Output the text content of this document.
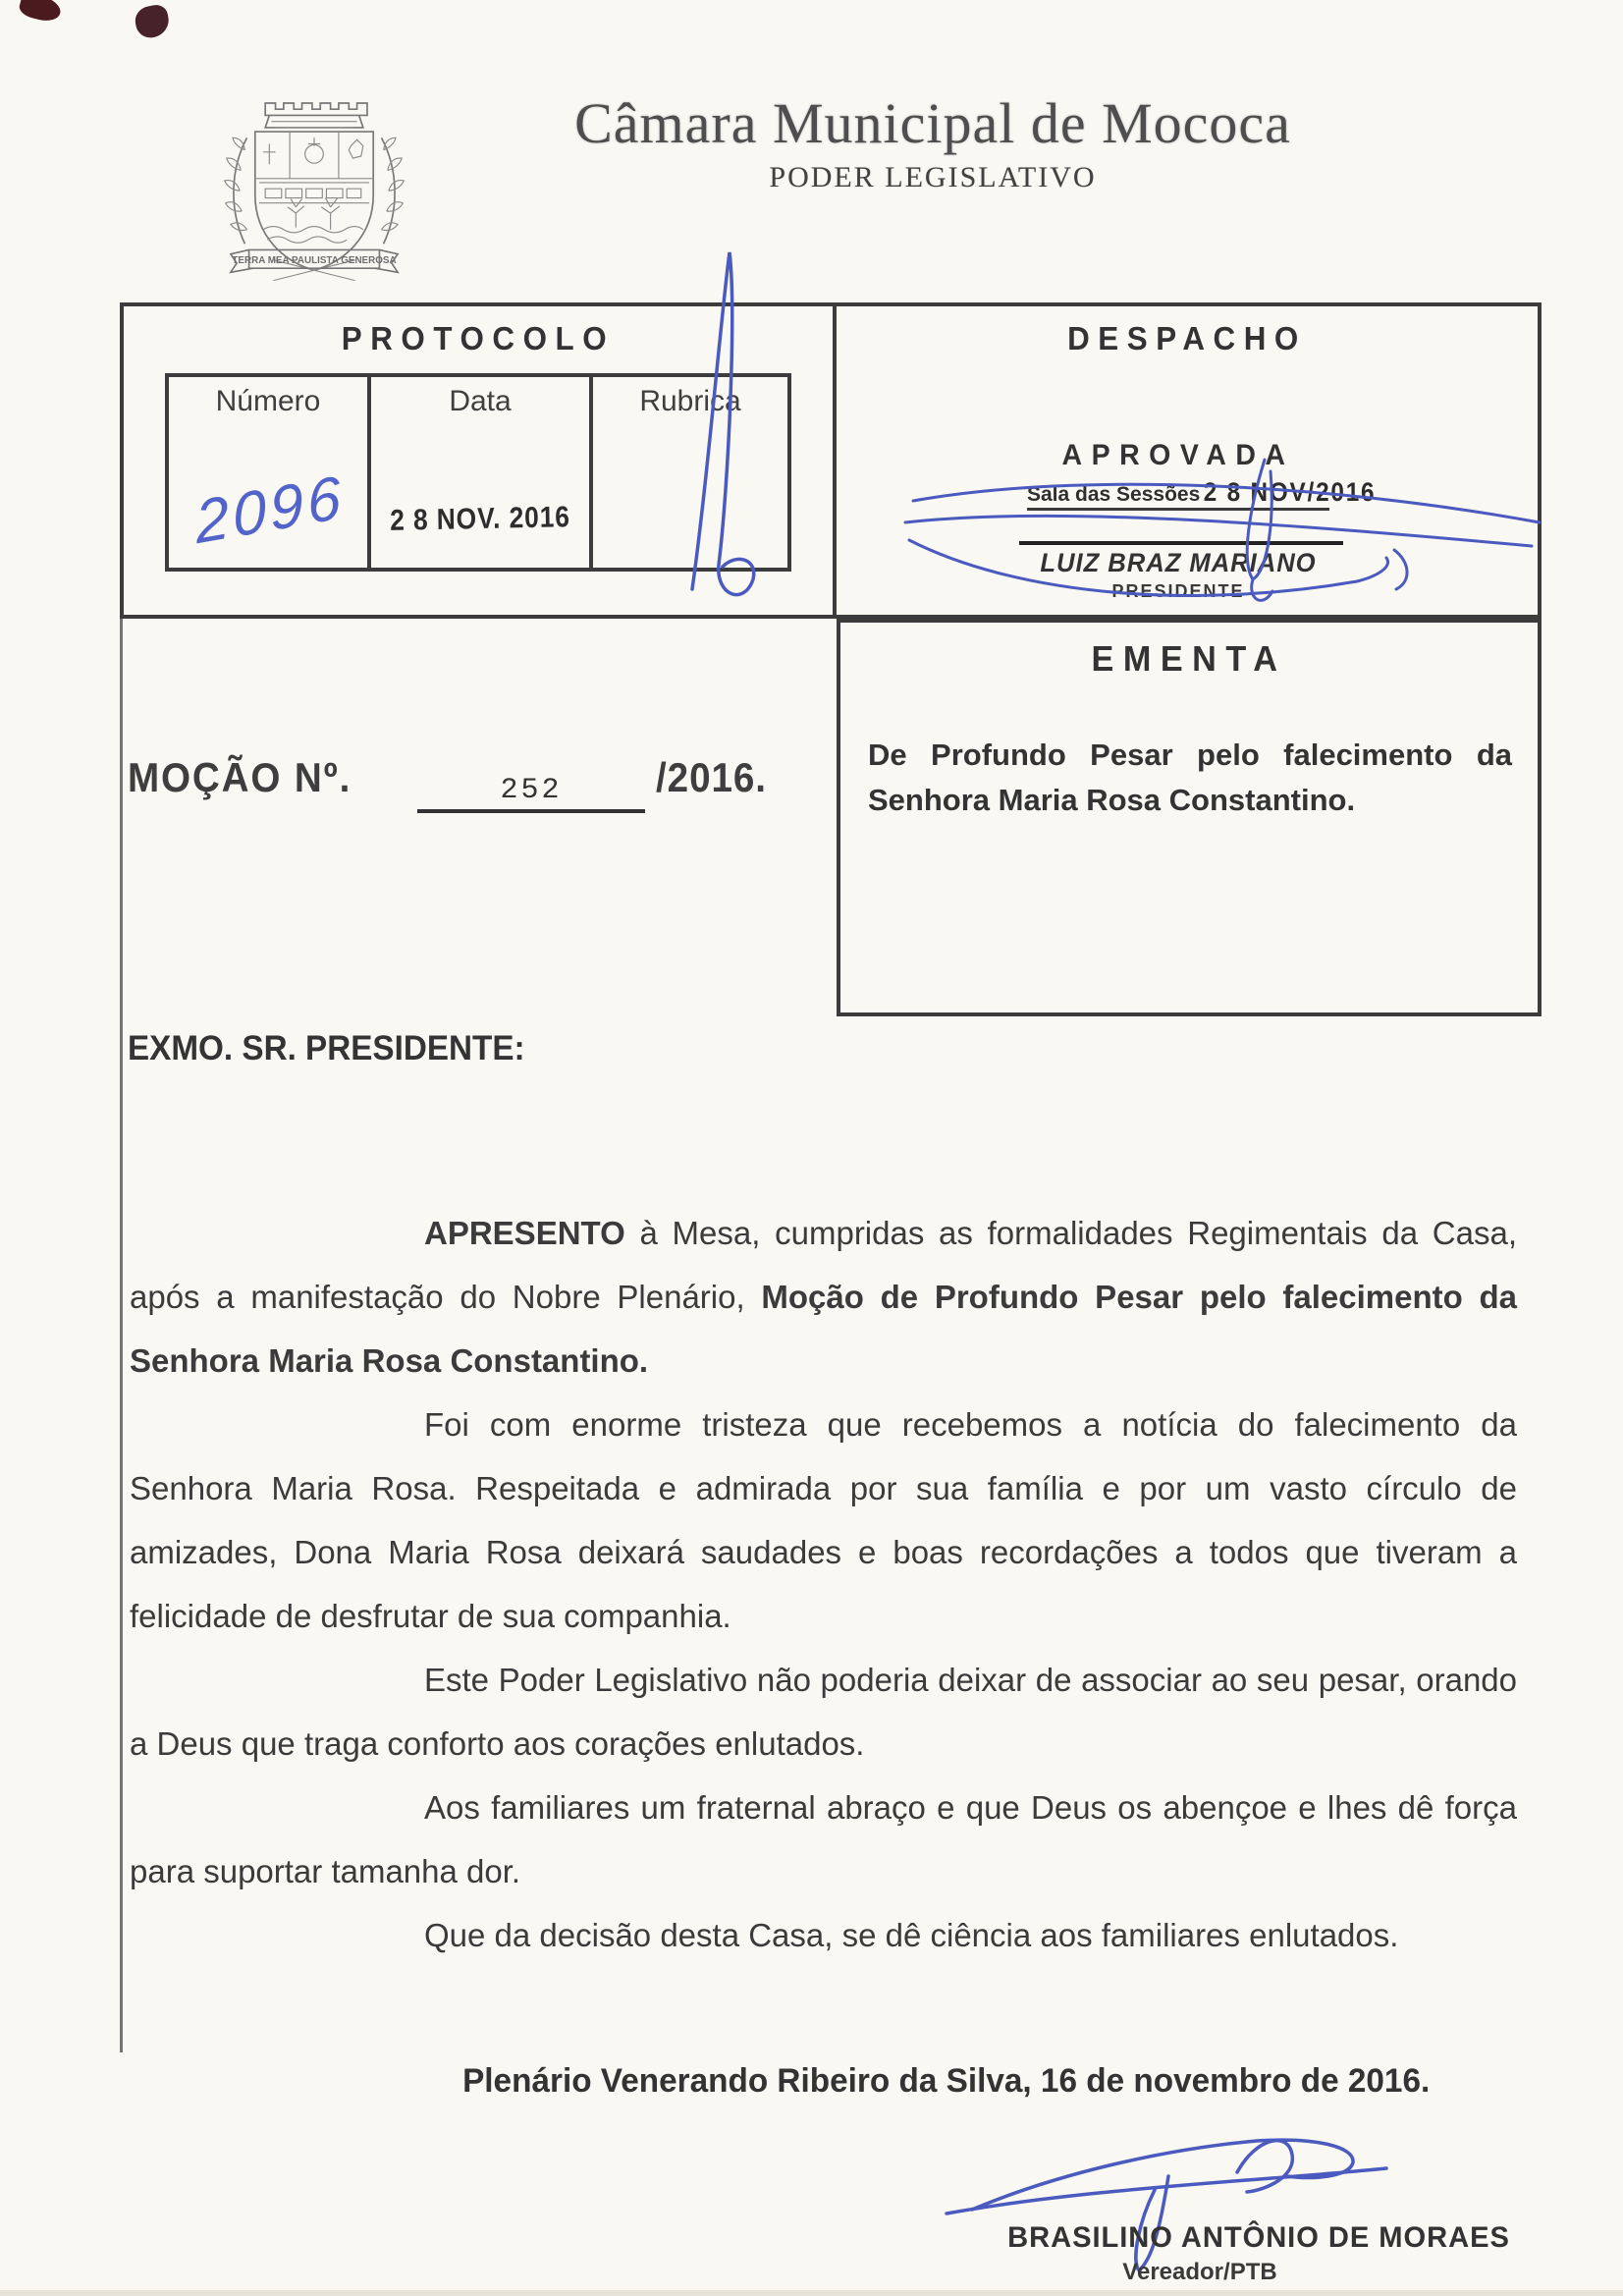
TERRA MEA PAULISTA GENEROSA
Câmara Municipal de Mococa
PODER LEGISLATIVO
PROTOCOLO
Número
2096
Data
2 8 NOV. 2016
Rubrica
DESPACHO
APROVADA
Sala das Sessões 2 8 NOV/2016
LUIZ BRAZ MARIANO
PRESIDENTE
EMENTA
De Profundo Pesar pelo falecimento da Senhora Maria Rosa Constantino.
MOÇÃO Nº.	252	/2016.
EXMO. SR. PRESIDENTE:
APRESENTO à Mesa, cumpridas as formalidades Regimentais da Casa, após a manifestação do Nobre Plenário, Moção de Profundo Pesar pelo falecimento da Senhora Maria Rosa Constantino.
Foi com enorme tristeza que recebemos a notícia do falecimento da Senhora Maria Rosa. Respeitada e admirada por sua família e por um vasto círculo de amizades, Dona Maria Rosa deixará saudades e boas recordações a todos que tiveram a felicidade de desfrutar de sua companhia.
Este Poder Legislativo não poderia deixar de associar ao seu pesar, orando a Deus que traga conforto aos corações enlutados.
Aos familiares um fraternal abraço e que Deus os abençoe e lhes dê força para suportar tamanha dor.
Que da decisão desta Casa, se dê ciência aos familiares enlutados.
Plenário Venerando Ribeiro da Silva, 16 de novembro de 2016.
BRASILINO ANTÔNIO DE MORAES
Vereador/PTB
